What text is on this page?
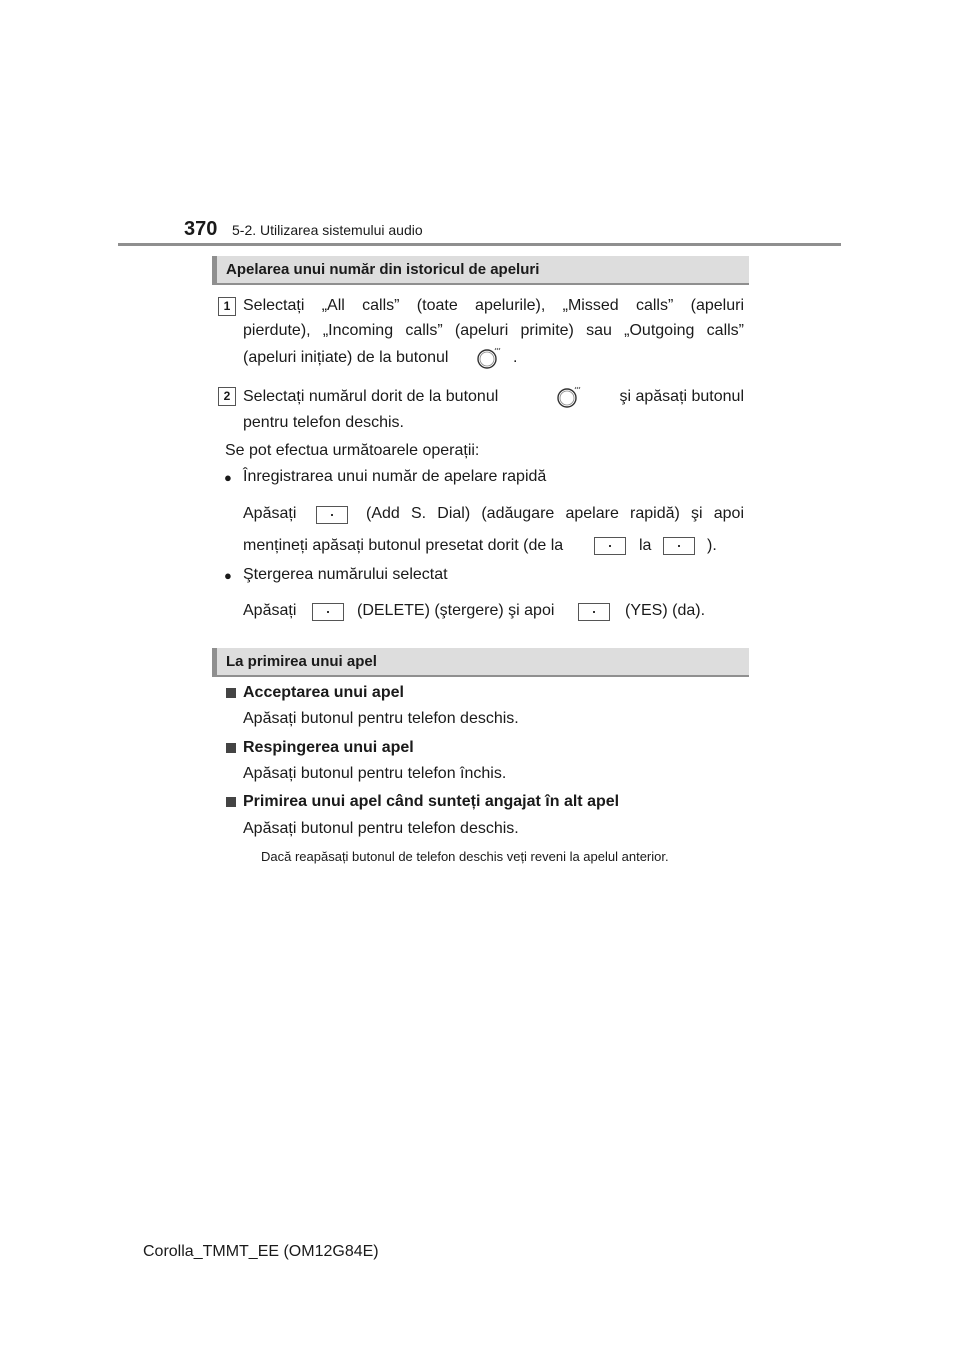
370 5-2. Utilizarea sistemului audio
Apelarea unui număr din istoricul de apeluri
1 Selectați „All calls” (toate apelurile), „Missed calls” (apeluri
pierdute), „Incoming calls” (apeluri primite) sau „Outgoing calls”
(apeluri inițiate) de la butonul	.
2 Selectați numărul dorit de la butonul	şi apăsați butonul
pentru telefon deschis.
Se pot efectua următoarele operații:
● Înregistrarea unui număr de apelare rapidă
Apăsați	(Add S. Dial) (adăugare apelare rapidă) şi apoi
mențineți apăsați butonul presetat dorit (de la	la	).
● Ştergerea numărului selectat
Apăsați	(DELETE) (ştergere) şi apoi	(YES) (da).
La primirea unui apel
Acceptarea unui apel
Apăsați butonul pentru telefon deschis.
Respingerea unui apel
Apăsați butonul pentru telefon închis.
Primirea unui apel când sunteți angajat în alt apel
Apăsați butonul pentru telefon deschis.
Dacă reapăsați butonul de telefon deschis veți reveni la apelul anterior.
Corolla_TMMT_EE (OM12G84E)
